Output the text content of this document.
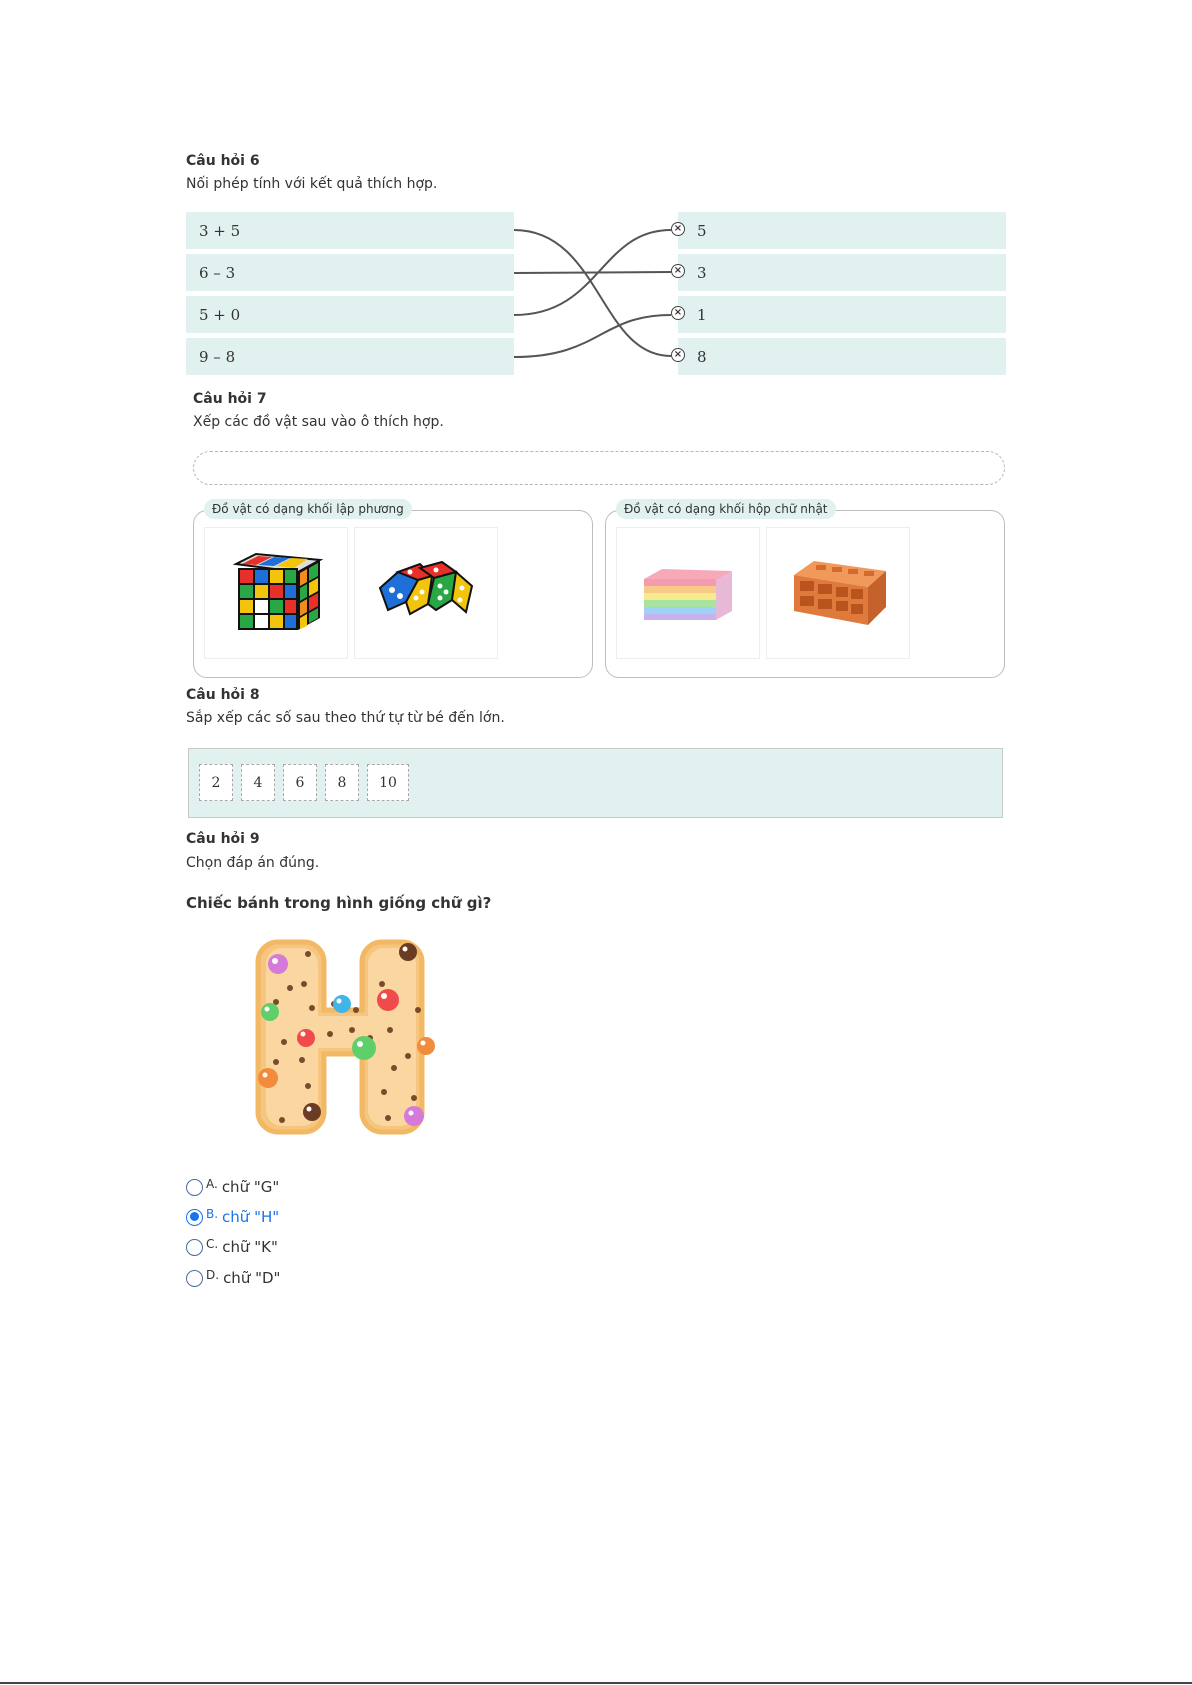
Câu hỏi 6

Nối phép tính với kết quả thích hợp.

3 + 5
6 – 3
5 + 0
9 – 8
5
3
1
8
×
×
×
×

Câu hỏi 7

Xếp các đồ vật sau vào ô thích hợp.

Đồ vật có dạng khối lập phương	Đồ vật có dạng khối hộp chữ nhật

Câu hỏi 8

Sắp xếp các số sau theo thứ tự từ bé đến lớn.

2	4	6	8	10

Câu hỏi 9

Chọn đáp án đúng.

Chiếc bánh trong hình giống chữ gì?

A. chữ "G"
B. chữ "H"
C. chữ "K"
D. chữ "D"
